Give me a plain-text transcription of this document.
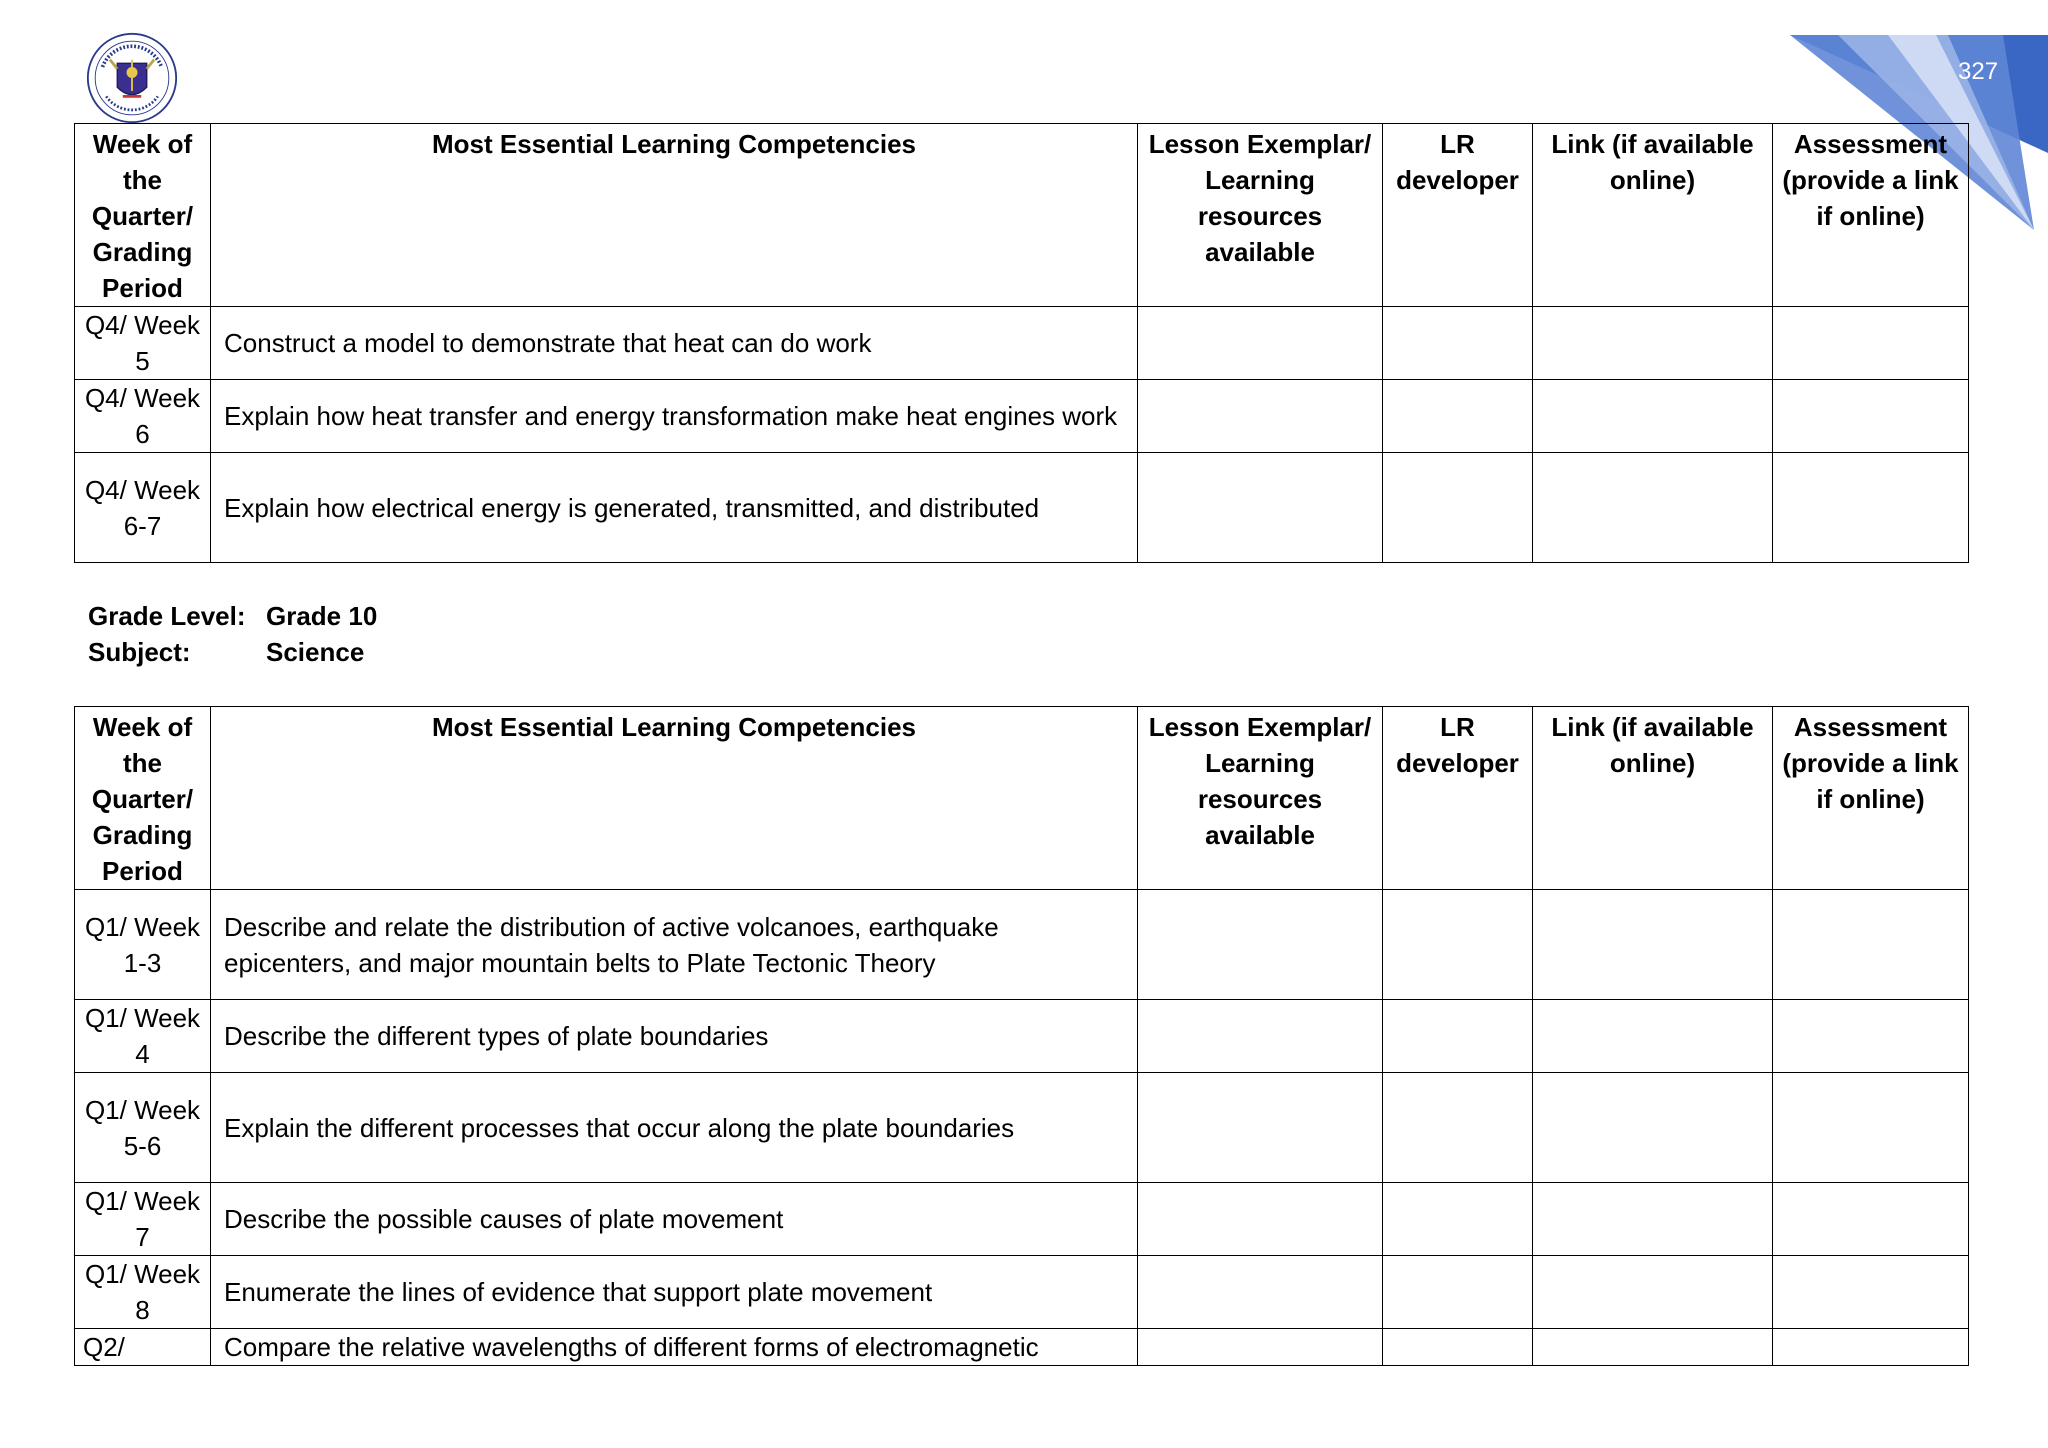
327
Week of the Quarter/ Grading Period	Most Essential Learning Competencies	Lesson Exemplar/ Learning resources available	LR developer	Link (if available online)	Assessment (provide a link if online)
Q4/ Week 5	Construct a model to demonstrate that heat can do work				
Q4/ Week 6	Explain how heat transfer and energy transformation make heat engines work				
Q4/ Week 6-7	Explain how electrical energy is generated, transmitted, and distributed				
Grade Level: Grade 10
Subject:	Science
Week of the Quarter/ Grading Period	Most Essential Learning Competencies	Lesson Exemplar/ Learning resources available	LR developer	Link (if available online)	Assessment (provide a link if online)
Q1/ Week 1-3	Describe and relate the distribution of active volcanoes, earthquake epicenters, and major mountain belts to Plate Tectonic Theory				
Q1/ Week 4	Describe the different types of plate boundaries				
Q1/ Week 5-6	Explain the different processes that occur along the plate boundaries				
Q1/ Week 7	Describe the possible causes of plate movement				
Q1/ Week 8	Enumerate the lines of evidence that support plate movement				
Q2/	Compare the relative wavelengths of different forms of electromagnetic				
